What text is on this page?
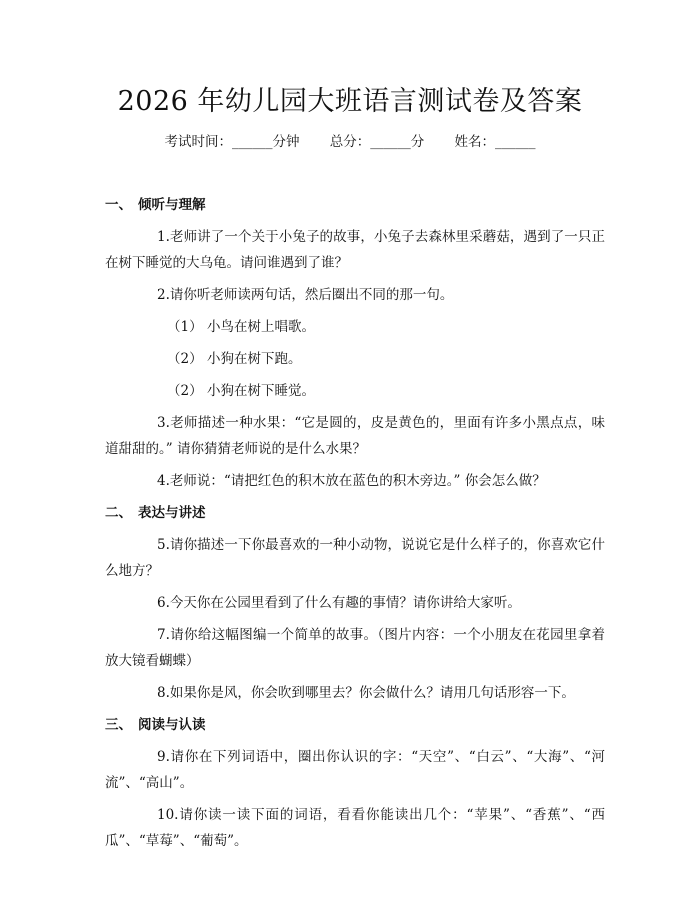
2026 年幼儿园大班语言测试卷及答案
考试时间：______分钟 总分：______分 姓名：______
一、 倾听与理解
1.老师讲了一个关于小兔子的故事，小兔子去森林里采蘑菇，遇到了一只正在树下睡觉的大乌龟。请问谁遇到了谁？
2.请你听老师读两句话，然后圈出不同的那一句。
（1） 小鸟在树上唱歌。
（2） 小狗在树下跑。
（2） 小狗在树下睡觉。
3.老师描述一种水果：“它是圆的，皮是黄色的，里面有许多小黑点点，味道甜甜的。” 请你猜猜老师说的是什么水果？
4.老师说：“请把红色的积木放在蓝色的积木旁边。” 你会怎么做？
二、 表达与讲述
5.请你描述一下你最喜欢的一种小动物，说说它是什么样子的，你喜欢它什么地方？
6.今天你在公园里看到了什么有趣的事情？请你讲给大家听。
7.请你给这幅图编一个简单的故事。（图片内容：一个小朋友在花园里拿着放大镜看蝴蝶）
8.如果你是风，你会吹到哪里去？你会做什么？请用几句话形容一下。
三、 阅读与认读
9.请你在下列词语中，圈出你认识的字：“天空”、“白云”、“大海”、“河流”、“高山”。
10.请你读一读下面的词语，看看你能读出几个：“苹果”、“香蕉”、“西瓜”、“草莓”、“葡萄”。
